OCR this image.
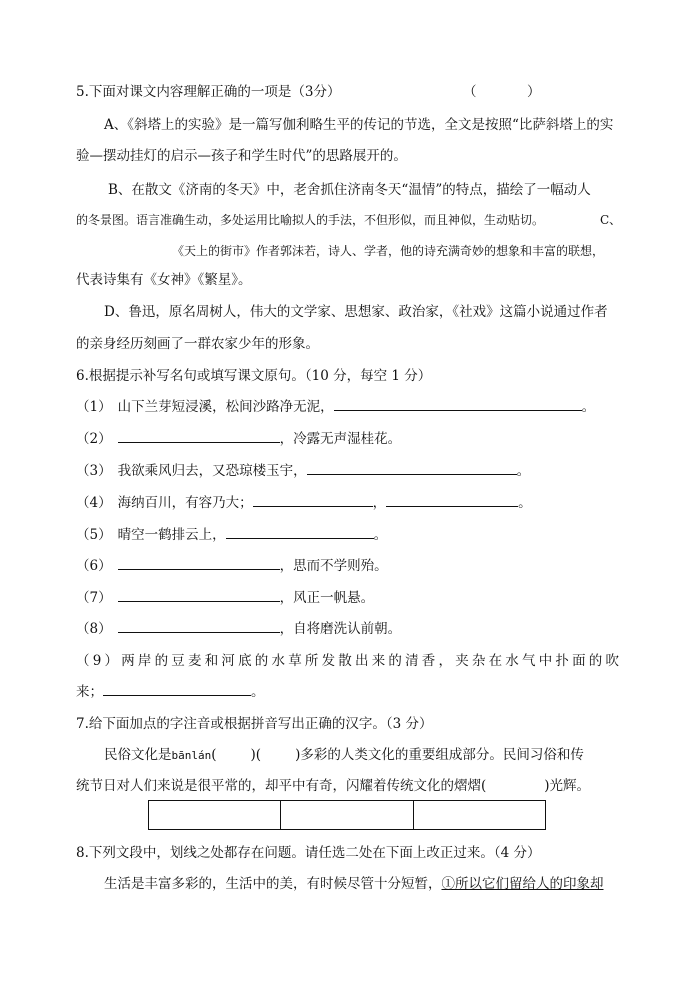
5.下面对课文内容理解正确的一项是（3分）	（	）
A、《斜塔上的实验》是一篇写伽利略生平的传记的节选，全文是按照“比萨斜塔上的实
验—摆动挂灯的启示—孩子和学生时代”的思路展开的。
B、在散文《济南的冬天》中，老舍抓住济南冬天“温情”的特点，描绘了一幅动人
的冬景图。语言准确生动，多处运用比喻拟人的手法，不但形似，而且神似，生动贴切。	C、
《天上的街市》作者郭沫若，诗人、学者，他的诗充满奇妙的想象和丰富的联想，
代表诗集有《女神》《繁星》。
D、鲁迅，原名周树人，伟大的文学家、思想家、政治家，《社戏》这篇小说通过作者
的亲身经历刻画了一群农家少年的形象。
6.根据提示补写名句或填写课文原句。（10 分，每空 1 分）
（1） 山下兰芽短浸溪，松间沙路净无泥，	。
（2）	，冷露无声湿桂花。
（3） 我欲乘风归去，又恐琼楼玉宇，	。
（4） 海纳百川，有容乃大；	，	。
（5） 晴空一鹤排云上，	。
（6）	，思而不学则殆。
（7）	，风正一帆悬。
（8）	，自将磨洗认前朝。
（9）两岸的豆麦和河底的水草所发散出来的清香，夹杂在水气中扑面的吹
来；	。
7.给下面加点的字注音或根据拼音写出正确的汉字。（3 分）
民俗文化是bānlán(	)(	)多彩的人类文化的重要组成部分。民间习俗和传
统节日对人们来说是很平常的，却平中有奇，闪耀着传统文化的熠熠(	)光辉。
8.下列文段中，划线之处都存在问题。请任选二处在下面上改正过来。（4 分）
生活是丰富多彩的，生活中的美，有时候尽管十分短暂，①所以它们留给人的印象却
